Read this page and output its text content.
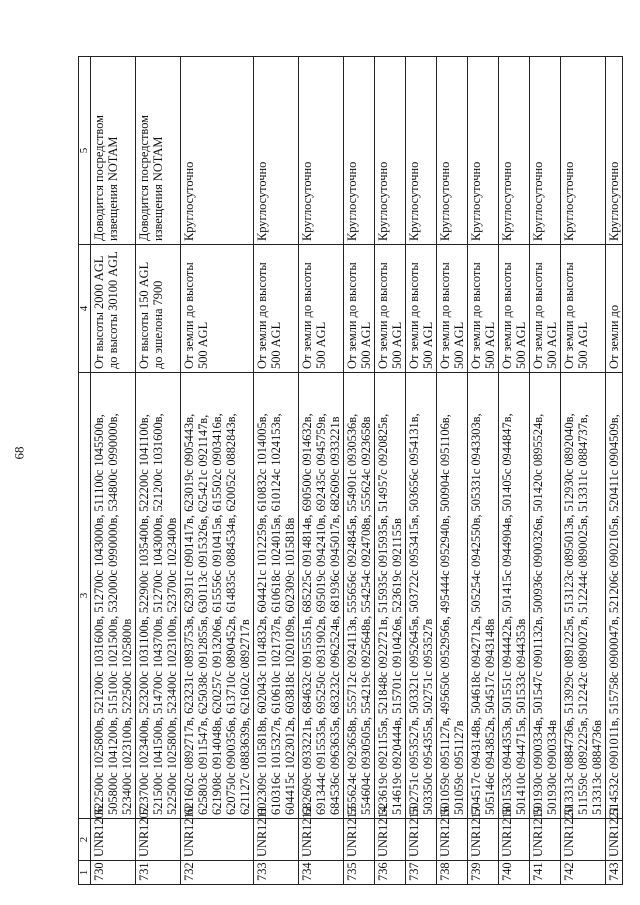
68
1	2	3	4	5
730	UNR1206	522500с 1025800в, 521200с 1031600в, 512700с 1043000в, 511100с 1045500в, 505800с 1041200в, 515100с 1021500в, 532000с 0990000в, 534800с 0990000в, 523400с 1023100в, 522500с 1025800в	От высоты 2000 AGL до высоты 30100 AGL	Доводится посредством извещения NOTAM
731	UNR1207	523700с 1023400в, 523200с 1031100в, 522900с 1035400в, 522200с 1041100в, 521500с 1041500в, 514700с 1043700в, 512700с 1043000в, 521200с 1031600в, 522500с 1025800в, 523400с 1023100в, 523700с 1023400в	От высоты 150 AGL до эшелона 7900	Доводится посредством извещения NOTAM
732	UNR1210	621602с 0892717в, 623231с 0893753в, 623911с 0901417в, 623019с 0905443в, 625803с 0911547в, 625038с 0912855в, 630113с 0915326в, 625421с 0921147в, 621908с 0914048в, 620257с 0913206в, 615556с 0910415в, 615502с 0903416в, 620750с 0900356в, 613710с 0890452в, 614835с 0884534в, 620052с 0882843в, 621127с 0883639в, 621602с 0892717в	От земли до высоты 500 AGL	Круглосуточно
733	UNR1211	602309с 1015818в, 602043с 1014832в, 604421с 1012259в, 610832с 1014005в, 610316с 1015327в, 610610с 1021737в, 610618с 1024015в, 610124с 1024153в, 604415с 1023012в, 603818с 1020109в, 602309с 1015818в	От земли до высоты 500 AGL	Круглосуточно
734	UNR1212	682609с 0933221в, 684632с 0915551в, 685225с 0914814в, 690500с 0914632в, 691344с 0915535в, 695250с 0931902в, 695019с 0942410в, 692435с 0945759в, 684536с 0963635в, 683232с 0962524в, 681936с 0945017в, 682609с 0933221в	От земли до высоты 500 AGL	Круглосуточно
735	UNR1213	555624с 0923658в, 555712с 0924113в, 555656с 0924845в, 554901с 0930536в, 554604с 0930505в, 554219с 0925648в, 554254с 0924708в, 555624с 0923658в	От земли до высоты 500 AGL	Круглосуточно
736	UNR1214	523619с 0921155в, 521848с 0922721в, 515935с 0915935в, 514957с 0920825в, 514619с 0920444в, 515701с 0910426в, 523619с 0921155в	От земли до высоты 500 AGL	Круглосуточно
737	UNR1215	502751с 0953527в, 503321с 0952645в, 503722с 0953415в, 503656с 0954131в, 503350с 0954355в, 502751с 0953527в	От земли до высоты 500 AGL	Круглосуточно
738	UNR1216	501059с 0951127в, 495650с 0952956в, 495444с 0952940в, 500904с 0951106в, 501059с 0951127в	От земли до высоты 500 AGL	Круглосуточно
739	UNR1217	504517с 0943148в, 504618с 0942712в, 505254с 0942550в, 505331с 0943303в, 505146с 0943852в, 504517с 0943148в	От земли до высоты 500 AGL	Круглосуточно
740	UNR1218	501533с 0944353в, 501551с 0944422в, 501415с 0944904в, 501405с 0944847в, 501410с 0944715в, 501533с 0944353в	От земли до высоты 500 AGL	Круглосуточно
741	UNR1219	501930с 0900334в, 501547с 0901132в, 500936с 0900326в, 501420с 0895524в, 501930с 0900334в	От земли до высоты 500 AGL	Круглосуточно
742	UNR1220	513313с 0884736в, 513929с 0891225в, 513123с 0895013в, 512930с 0892040в, 511559с 0892225в, 512242с 0890027в, 512244с 0890025в, 513311с 0884737в, 513313с 0884736в	От земли до высоты 500 AGL	Круглосуточно
743	UNR1221	514532с 0901011в, 515758с 0900047в, 521206с 0902105в, 520411с 0904509в,	От земли до	Круглосуточно
